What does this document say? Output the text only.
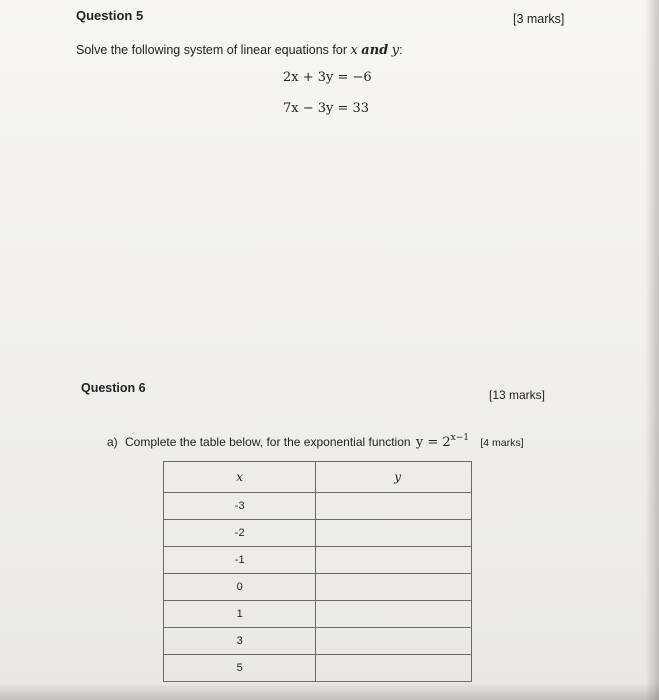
Question 5	[3 marks]
Solve the following system of linear equations for x and y:
2x + 3y = −6
7x − 3y = 33
Question 6	[13 marks]
a) Complete the table below, for the exponential function $y = 2^{x-1}$ [4 marks]
x	y
-3	
-2	
-1	
0	
1	
3	
5	
